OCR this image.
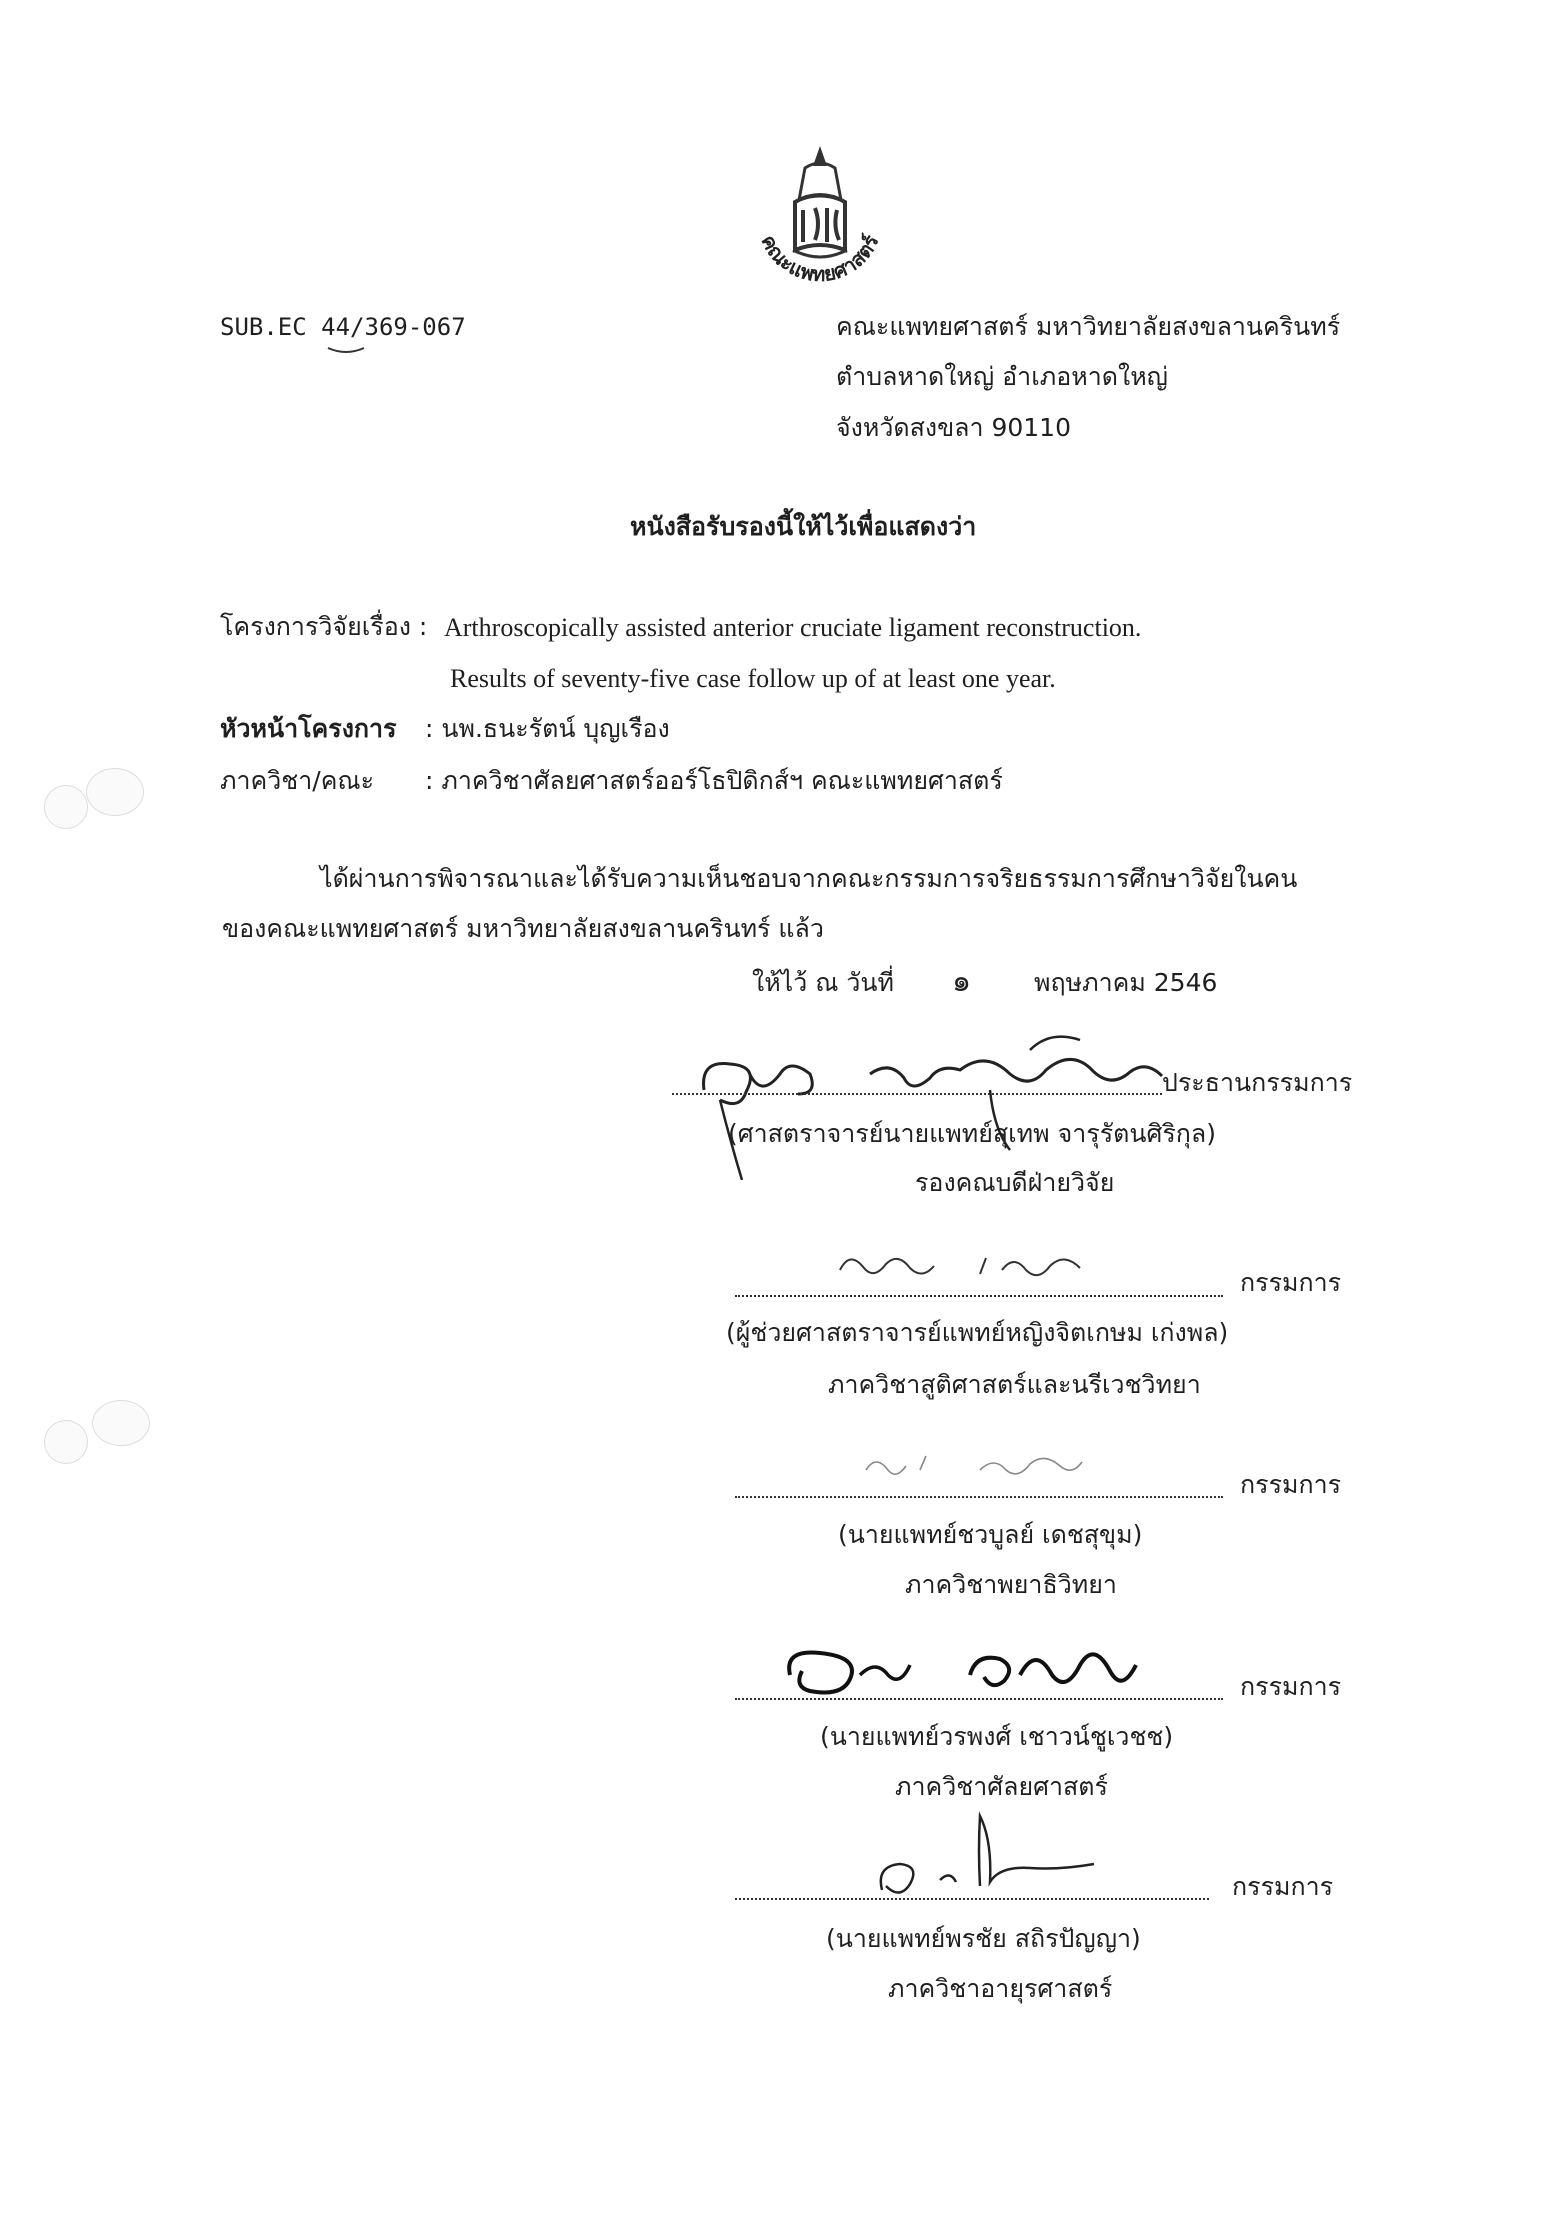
คณะแพทยศาสตร์
SUB.EC 44/369-067	คณะแพทยศาสตร์ มหาวิทยาลัยสงขลานครินทร์
ตำบลหาดใหญ่ อำเภอหาดใหญ่
จังหวัดสงขลา 90110
หนังสือรับรองนี้ให้ไว้เพื่อแสดงว่า
โครงการวิจัยเรื่อง : Arthroscopically assisted anterior cruciate ligament reconstruction.
Results of seventy-five case follow up of at least one year.
หัวหน้าโครงการ : นพ.ธนะรัตน์ บุญเรือง
ภาควิชา/คณะ : ภาควิชาศัลยศาสตร์ออร์โธปิดิกส์ฯ คณะแพทยศาสตร์
ได้ผ่านการพิจารณาและได้รับความเห็นชอบจากคณะกรรมการจริยธรรมการศึกษาวิจัยในคน
ของคณะแพทยศาสตร์ มหาวิทยาลัยสงขลานครินทร์ แล้ว
ให้ไว้ ณ วันที่ ๑	พฤษภาคม 2546
ประธานกรรมการ
(ศาสตราจารย์นายแพทย์สุเทพ จารุรัตนศิริกุล)
รองคณบดีฝ่ายวิจัย
กรรมการ
(ผู้ช่วยศาสตราจารย์แพทย์หญิงจิตเกษม เก่งพล)
ภาควิชาสูติศาสตร์และนรีเวชวิทยา
กรรมการ
(นายแพทย์ชวบูลย์ เดชสุขุม)
ภาควิชาพยาธิวิทยา
กรรมการ
(นายแพทย์วรพงศ์ เชาวน์ชูเวชช)
ภาควิชาศัลยศาสตร์
กรรมการ
(นายแพทย์พรชัย สถิรปัญญา)
ภาควิชาอายุรศาสตร์
